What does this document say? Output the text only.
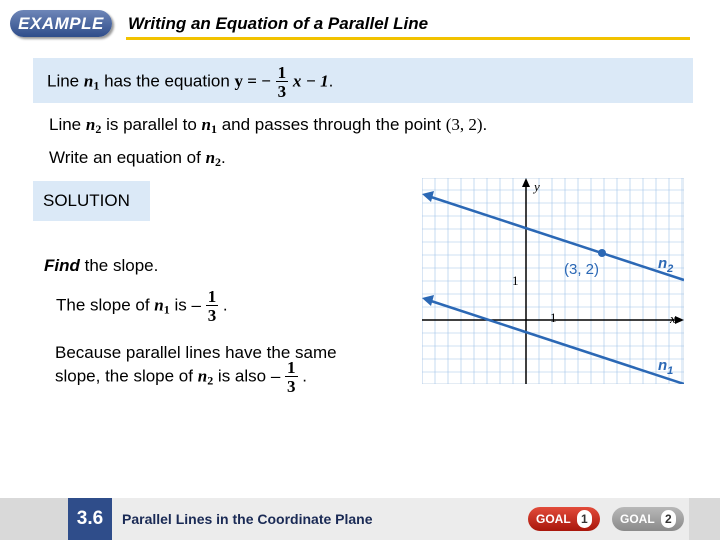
EXAMPLE Writing an Equation of a Parallel Line
Line $n_1$ has the equation y = − $\frac{1}{3}$ x − 1.
Line $n_2$ is parallel to $n_1$ and passes through the point (3, 2).
Write an equation of $n_2$.
SOLUTION
Find the slope.
The slope of $n_1$ is – $\frac{1}{3}$ .
Because parallel lines have the same
slope, the slope of $n_2$ is also – $\frac{1}{3}$ .
y
x
1
1
(3, 2)	$n_2$
$n_1$
3.6	Parallel Lines in the Coordinate Plane	GOAL 1	GOAL 2
